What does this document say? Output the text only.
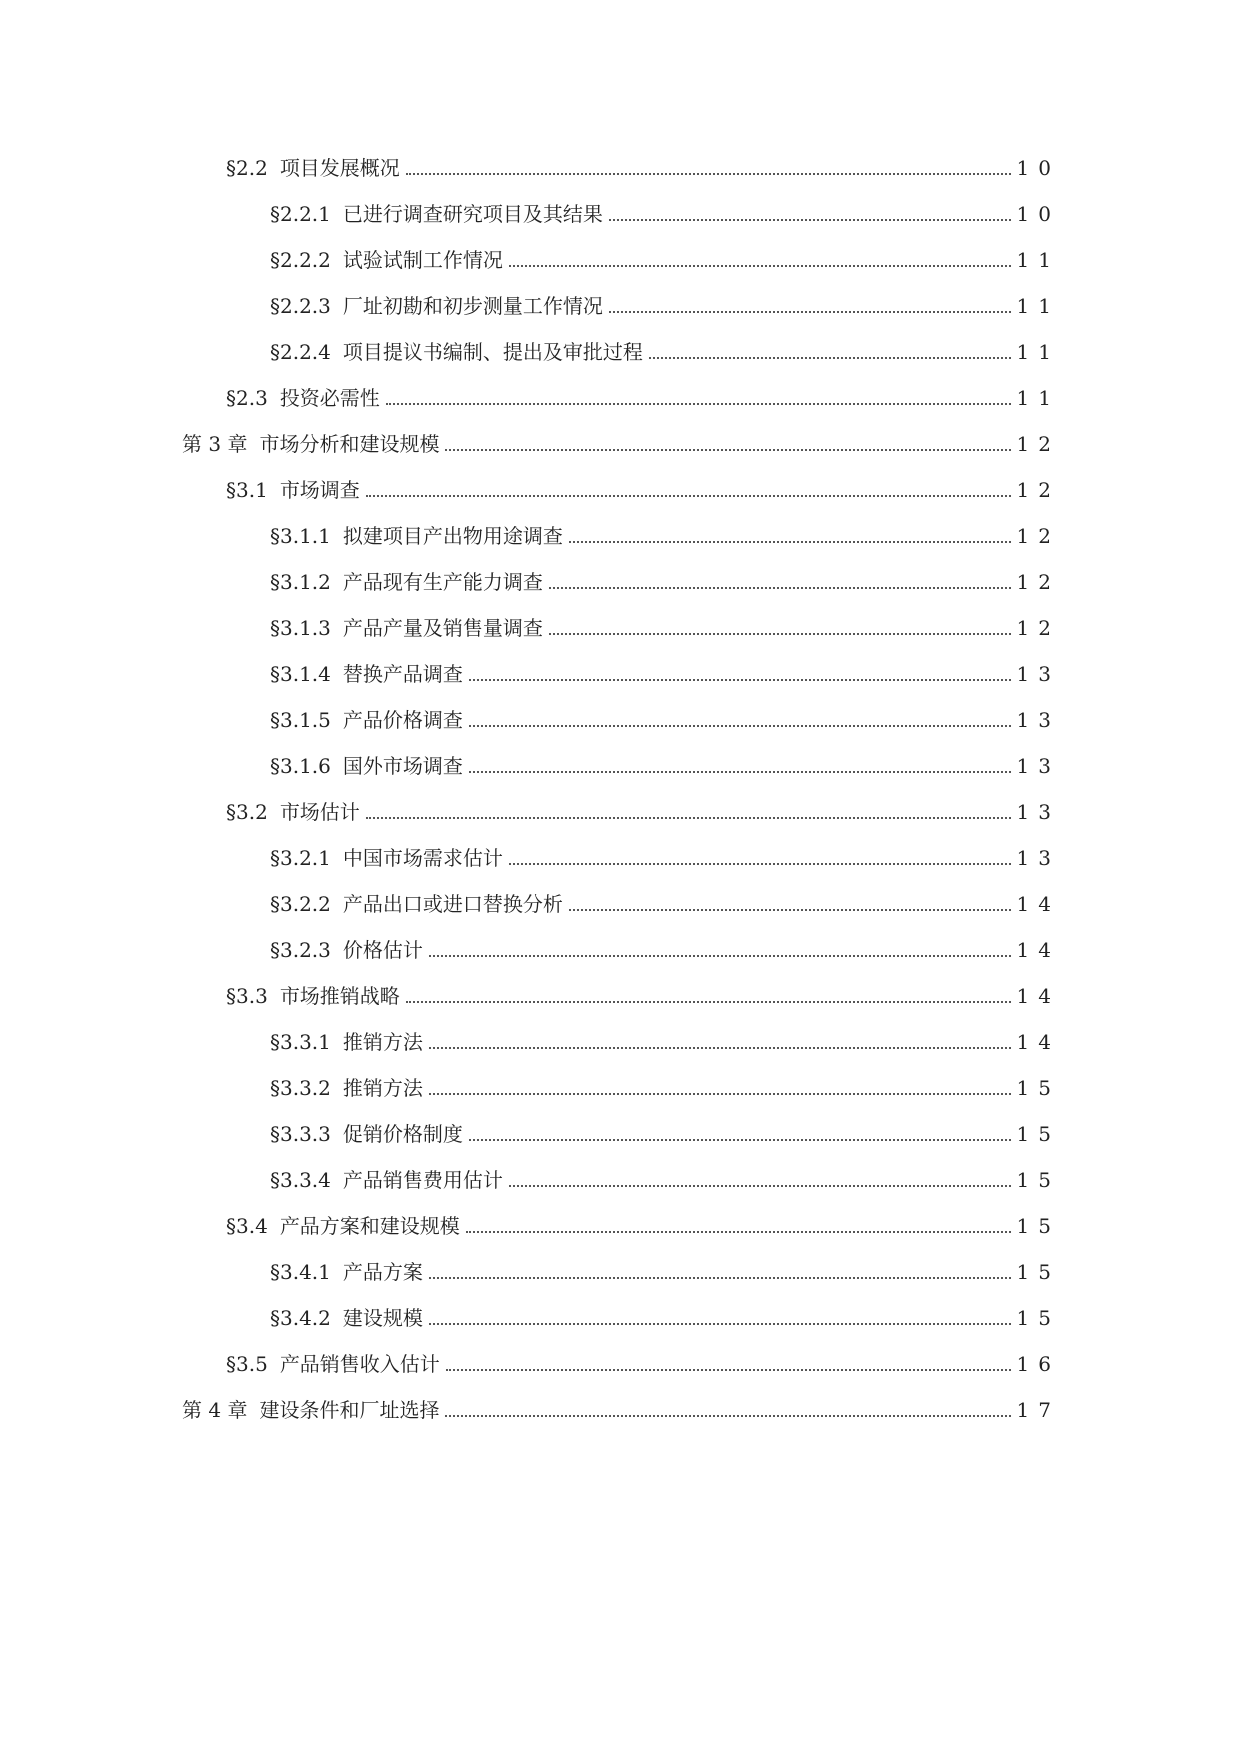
§2.2 项目发展概况	10
§2.2.1 已进行调查研究项目及其结果	10
§2.2.2 试验试制工作情况	11
§2.2.3 厂址初勘和初步测量工作情况	11
§2.2.4 项目提议书编制、提出及审批过程	11
§2.3 投资必需性	11
第 3 章 市场分析和建设规模	12
§3.1 市场调查	12
§3.1.1 拟建项目产出物用途调查	12
§3.1.2 产品现有生产能力调查	12
§3.1.3 产品产量及销售量调查	12
§3.1.4 替换产品调查	13
§3.1.5 产品价格调查	13
§3.1.6 国外市场调查	13
§3.2 市场估计	13
§3.2.1 中国市场需求估计	13
§3.2.2 产品出口或进口替换分析	14
§3.2.3 价格估计	14
§3.3 市场推销战略	14
§3.3.1 推销方法	14
§3.3.2 推销方法	15
§3.3.3 促销价格制度	15
§3.3.4 产品销售费用估计	15
§3.4 产品方案和建设规模	15
§3.4.1 产品方案	15
§3.4.2 建设规模	15
§3.5 产品销售收入估计	16
第 4 章 建设条件和厂址选择	17
